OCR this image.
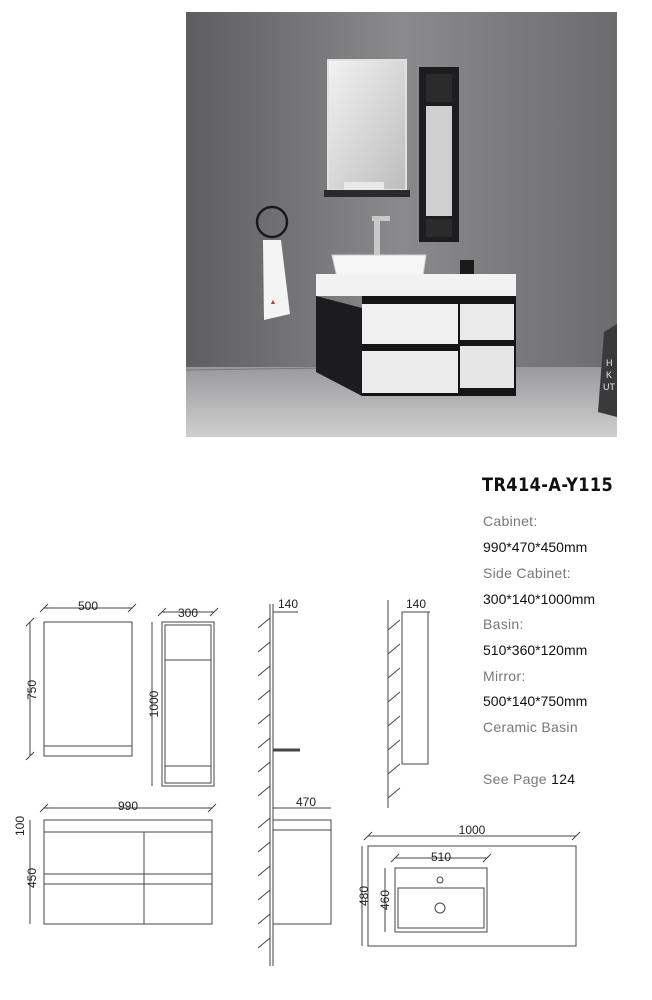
▲
H
K
UT
TR414-A-Y115

Cabinet:

990*470*450mm

Side Cabinet:

300*140*1000mm

Basin:

510*360*120mm

Mirror:

500*140*750mm

Ceramic Basin

See Page 124

500
750
300
1000
140	140
990
100
450
470
1000
510
480 460
